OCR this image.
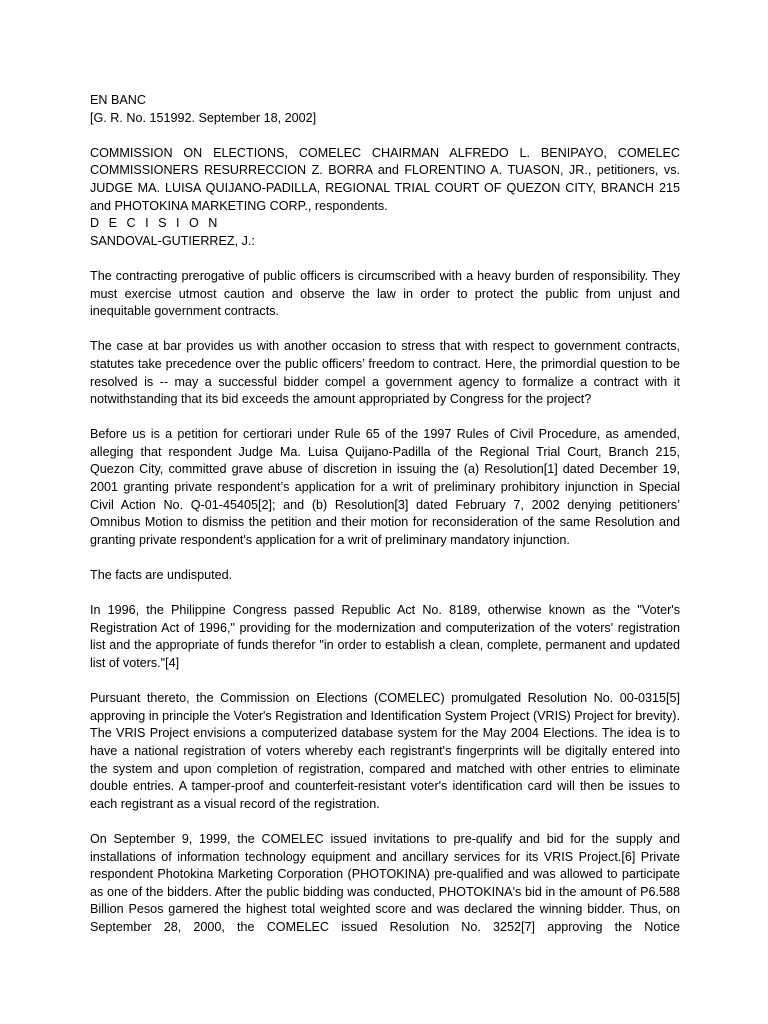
EN BANC
[G. R. No. 151992. September 18, 2002]
COMMISSION ON ELECTIONS, COMELEC CHAIRMAN ALFREDO L. BENIPAYO, COMELEC COMMISSIONERS RESURRECCION Z. BORRA and FLORENTINO A. TUASON, JR., petitioners, vs. JUDGE MA. LUISA QUIJANO-PADILLA, REGIONAL TRIAL COURT OF QUEZON CITY, BRANCH 215 and PHOTOKINA MARKETING CORP., respondents.
D E C I S I O N
SANDOVAL-GUTIERREZ, J.:

The contracting prerogative of public officers is circumscribed with a heavy burden of responsibility. They must exercise utmost caution and observe the law in order to protect the public from unjust and inequitable government contracts.

The case at bar provides us with another occasion to stress that with respect to government contracts, statutes take precedence over the public officers’ freedom to contract. Here, the primordial question to be resolved is -- may a successful bidder compel a government agency to formalize a contract with it notwithstanding that its bid exceeds the amount appropriated by Congress for the project?

Before us is a petition for certiorari under Rule 65 of the 1997 Rules of Civil Procedure, as amended, alleging that respondent Judge Ma. Luisa Quijano-Padilla of the Regional Trial Court, Branch 215, Quezon City, committed grave abuse of discretion in issuing the (a) Resolution[1] dated December 19, 2001 granting private respondent’s application for a writ of preliminary prohibitory injunction in Special Civil Action No. Q-01-45405[2]; and (b) Resolution[3] dated February 7, 2002 denying petitioners’ Omnibus Motion to dismiss the petition and their motion for reconsideration of the same Resolution and granting private respondent's application for a writ of preliminary mandatory injunction.

The facts are undisputed.

In 1996, the Philippine Congress passed Republic Act No. 8189, otherwise known as the "Voter's Registration Act of 1996," providing for the modernization and computerization of the voters' registration list and the appropriate of funds therefor "in order to establish a clean, complete, permanent and updated list of voters."[4]

Pursuant thereto, the Commission on Elections (COMELEC) promulgated Resolution No. 00-0315[5] approving in principle the Voter's Registration and Identification System Project (VRIS) Project for brevity). The VRIS Project envisions a computerized database system for the May 2004 Elections. The idea is to have a national registration of voters whereby each registrant's fingerprints will be digitally entered into the system and upon completion of registration, compared and matched with other entries to eliminate double entries. A tamper-proof and counterfeit-resistant voter's identification card will then be issues to each registrant as a visual record of the registration.

On September 9, 1999, the COMELEC issued invitations to pre-qualify and bid for the supply and installations of information technology equipment and ancillary services for its VRIS Project.[6] Private respondent Photokina Marketing Corporation (PHOTOKINA) pre-qualified and was allowed to participate as one of the bidders. After the public bidding was conducted, PHOTOKINA's bid in the amount of P6.588 Billion Pesos garnered the highest total weighted score and was declared the winning bidder. Thus, on September 28, 2000, the COMELEC issued Resolution No. 3252[7] approving the Notice
